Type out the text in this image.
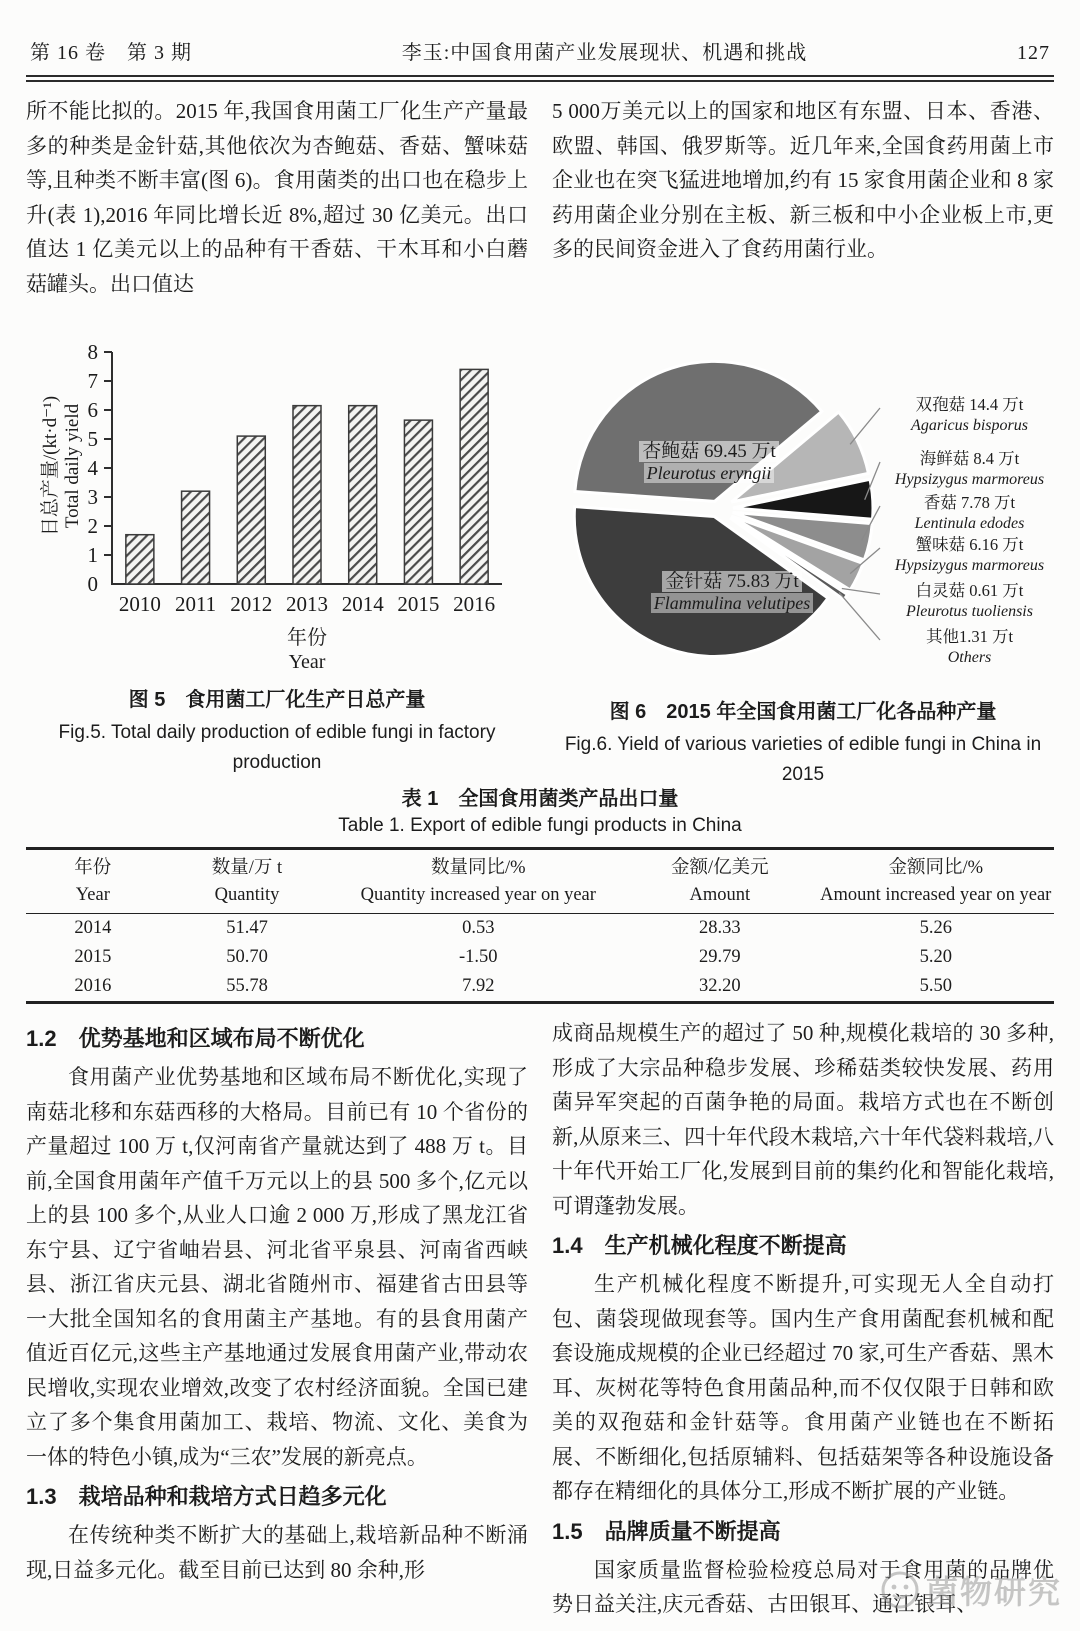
第 16 卷　第 3 期	李玉:中国食用菌产业发展现状、机遇和挑战	127

所不能比拟的。2015 年,我国食用菌工厂化生产产量最多的种类是金针菇,其他依次为杏鲍菇、香菇、蟹味菇等,且种类不断丰富(图 6)。食用菌类的出口也在稳步上升(表 1),2016 年同比增长近 8%,超过 30 亿美元。出口值达 1 亿美元以上的品种有干香菇、干木耳和小白蘑菇罐头。出口值达

5 000万美元以上的国家和地区有东盟、日本、香港、欧盟、韩国、俄罗斯等。近几年来,全国食药用菌上市企业也在突飞猛进地增加,约有 15 家食用菌企业和 8 家药用菌企业分别在主板、新三板和中小企业板上市,更多的民间资金进入了食药用菌行业。

0
1
2
3
4
5
6
7
8
2010 2011 2012 2013 2014 2015 2016
日总产量/(kt·d⁻¹) Total daily yield
年份
Year
图 5　食用菌工厂化生产日总产量
Fig.5. Total daily production of edible fungi in factory production
杏鲍菇 69.45 万t
Pleurotus eryngii
金针菇 75.83 万t
Flammulina velutipes
双孢菇 14.4 万t
Agaricus bisporus
海鲜菇 8.4 万t
Hypsizygus marmoreus
香菇 7.78 万t
Lentinula edodes
蟹味菇 6.16 万t
Hypsizygus marmoreus
白灵菇 0.61 万t
Pleurotus tuoliensis
其他1.31 万t
Others
图 6　2015 年全国食用菌工厂化各品种产量
Fig.6. Yield of various varieties of edible fungi in China in 2015
表 1　全国食用菌类产品出口量
Table 1. Export of edible fungi products in China
年份	数量/万 t	数量同比/%	金额/亿美元	金额同比/%
Year	Quantity	Quantity increased year on year	Amount	Amount increased year on year
2014	51.47	0.53	28.33	5.26
2015	50.70	-1.50	29.79	5.20
2016	55.78	7.92	32.20	5.50
1.2　优势基地和区域布局不断优化

食用菌产业优势基地和区域布局不断优化,实现了南菇北移和东菇西移的大格局。目前已有 10 个省份的产量超过 100 万 t,仅河南省产量就达到了 488 万 t。目前,全国食用菌年产值千万元以上的县 500 多个,亿元以上的县 100 多个,从业人口逾 2 000 万,形成了黑龙江省东宁县、辽宁省岫岩县、河北省平泉县、河南省西峡县、浙江省庆元县、湖北省随州市、福建省古田县等一大批全国知名的食用菌主产基地。有的县食用菌产值近百亿元,这些主产基地通过发展食用菌产业,带动农民增收,实现农业增效,改变了农村经济面貌。全国已建立了多个集食用菌加工、栽培、物流、文化、美食为一体的特色小镇,成为“三农”发展的新亮点。

1.3　栽培品种和栽培方式日趋多元化

在传统种类不断扩大的基础上,栽培新品种不断涌现,日益多元化。截至目前已达到 80 余种,形

成商品规模生产的超过了 50 种,规模化栽培的 30 多种,形成了大宗品种稳步发展、珍稀菇类较快发展、药用菌异军突起的百菌争艳的局面。栽培方式也在不断创新,从原来三、四十年代段木栽培,六十年代袋料栽培,八十年代开始工厂化,发展到目前的集约化和智能化栽培,可谓蓬勃发展。

1.4　生产机械化程度不断提高

生产机械化程度不断提升,可实现无人全自动打包、菌袋现做现套等。国内生产食用菌配套机械和配套设施成规模的企业已经超过 70 家,可生产香菇、黑木耳、灰树花等特色食用菌品种,而不仅仅限于日韩和欧美的双孢菇和金针菇等。食用菌产业链也在不断拓展、不断细化,包括原辅料、包括菇架等各种设施设备都存在精细化的具体分工,形成不断扩展的产业链。

1.5　品牌质量不断提高

国家质量监督检验检疫总局对于食用菌的品牌优势日益关注,庆元香菇、古田银耳、通江银耳、

菌物研究
